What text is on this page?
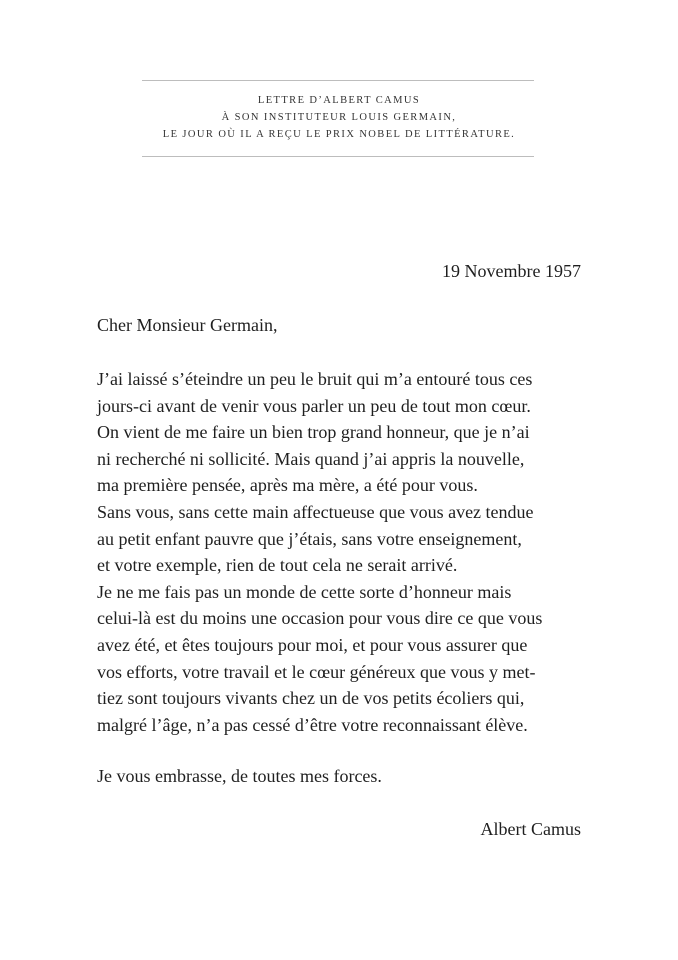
LETTRE D’ALBERT CAMUS
À SON INSTITUTEUR LOUIS GERMAIN,
LE JOUR OÙ IL A REÇU LE PRIX NOBEL DE LITTÉRATURE.
19 Novembre 1957
Cher Monsieur Germain,
J’ai laissé s’éteindre un peu le bruit qui m’a entouré tous ces
jours-ci avant de venir vous parler un peu de tout mon cœur.
On vient de me faire un bien trop grand honneur, que je n’ai
ni recherché ni sollicité. Mais quand j’ai appris la nouvelle,
ma première pensée, après ma mère, a été pour vous.
Sans vous, sans cette main affectueuse que vous avez tendue
au petit enfant pauvre que j’étais, sans votre enseignement,
et votre exemple, rien de tout cela ne serait arrivé.
Je ne me fais pas un monde de cette sorte d’honneur mais
celui-là est du moins une occasion pour vous dire ce que vous
avez été, et êtes toujours pour moi, et pour vous assurer que
vos efforts, votre travail et le cœur généreux que vous y met-
tiez sont toujours vivants chez un de vos petits écoliers qui,
malgré l’âge, n’a pas cessé d’être votre reconnaissant élève.
Je vous embrasse, de toutes mes forces.
Albert Camus
